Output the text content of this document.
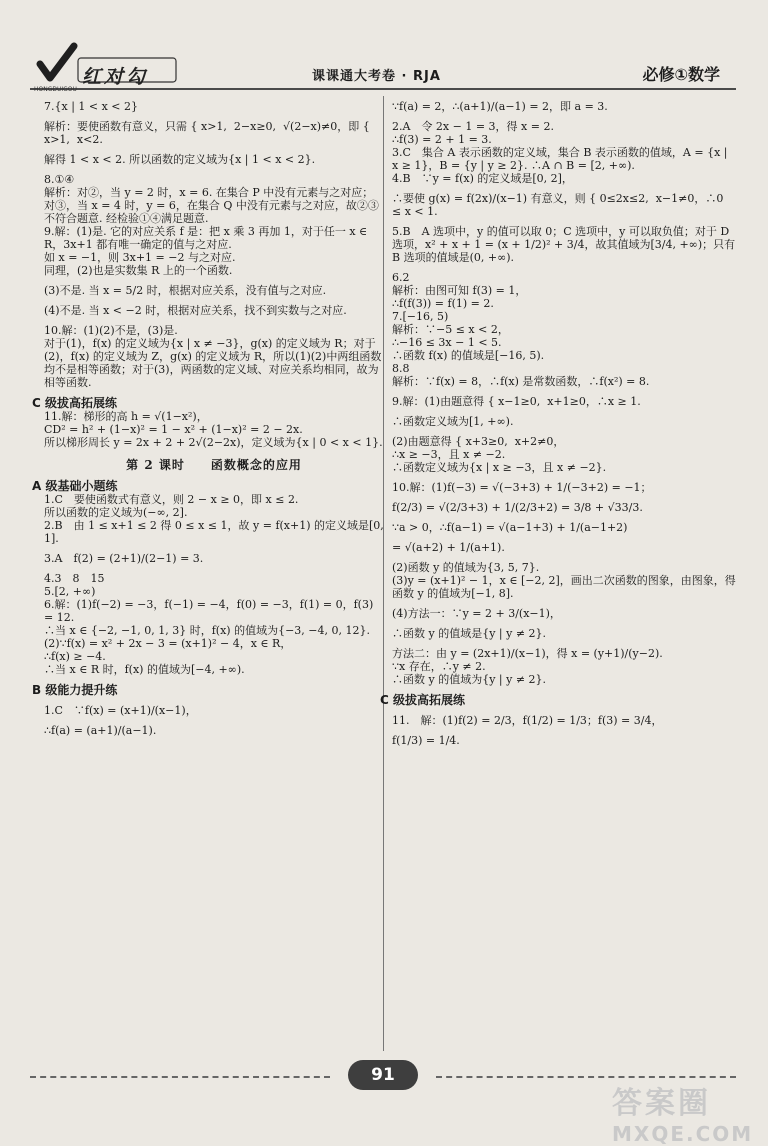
红对勾	课课通大考卷 · RJA	必修①数学
HONGDUIGOU

7.{x | 1 < x < 2}

解析：要使函数有意义，只需 { x>1,  2−x≥0,  √(2−x)≠0，即 { x>1,  x<2.

解得 1 < x < 2. 所以函数的定义域为{x | 1 < x < 2}.

8.①④

解析：对②，当 y = 2 时，x = 6. 在集合 P 中没有元素与之对应；对③，当 x = 4 时，y = 6，在集合 Q 中没有元素与之对应，故②③不符合题意. 经检验①④满足题意.

9.解：(1)是. 它的对应关系 f 是：把 x 乘 3 再加 1，对于任一 x ∈ R，3x+1 都有唯一确定的值与之对应.

如 x = −1，则 3x+1 = −2 与之对应.

同理，(2)也是实数集 R 上的一个函数.

(3)不是. 当 x = 5/2 时，根据对应关系，没有值与之对应.

(4)不是. 当 x < −2 时，根据对应关系，找不到实数与之对应.

10.解：(1)(2)不是，(3)是.

对于(1)，f(x) 的定义域为{x | x ≠ −3}，g(x) 的定义域为 R；对于(2)，f(x) 的定义域为 Z，g(x) 的定义域为 R，所以(1)(2)中两组函数均不是相等函数；对于(3)，两函数的定义域、对应关系均相同，故为相等函数.

C 级拔高拓展练

11.解：梯形的高 h = √(1−x²)，

CD² = h² + (1−x)² = 1 − x² + (1−x)² = 2 − 2x.

所以梯形周长 y = 2x + 2 + 2√(2−2x)，定义域为{x | 0 < x < 1}.

第 2 课时　　函数概念的应用

A 级基础小题练

1.C　要使函数式有意义，则 2 − x ≥ 0，即 x ≤ 2.

所以函数的定义域为(−∞, 2].

2.B　由 1 ≤ x+1 ≤ 2 得 0 ≤ x ≤ 1，故 y = f(x+1) 的定义域是[0, 1].

3.A　f(2) = (2+1)/(2−1) = 3.

4.3　8　15

5.[2, +∞)

6.解：(1)f(−2) = −3，f(−1) = −4，f(0) = −3，f(1) = 0，f(3) = 12.

∴当 x ∈ {−2, −1, 0, 1, 3} 时，f(x) 的值域为{−3, −4, 0, 12}.

(2)∵f(x) = x² + 2x − 3 = (x+1)² − 4，x ∈ R，

∴f(x) ≥ −4.

∴当 x ∈ R 时，f(x) 的值域为[−4, +∞).

B 级能力提升练

1.C　∵f(x) = (x+1)/(x−1)，

∴f(a) = (a+1)/(a−1).

∵f(a) = 2，∴(a+1)/(a−1) = 2，即 a = 3.

2.A　令 2x − 1 = 3，得 x = 2.

∴f(3) = 2 + 1 = 3.

3.C　集合 A 表示函数的定义域，集合 B 表示函数的值域，A = {x | x ≥ 1}，B = {y | y ≥ 2}. ∴A ∩ B = [2, +∞).

4.B　∵y = f(x) 的定义域是[0, 2]，

∴要使 g(x) = f(2x)/(x−1) 有意义，则 { 0≤2x≤2,  x−1≠0，∴0 ≤ x < 1.

5.B　A 选项中，y 的值可以取 0；C 选项中，y 可以取负值；对于 D 选项，x² + x + 1 = (x + 1/2)² + 3/4，故其值域为[3/4, +∞)；只有 B 选项的值域是(0, +∞).

6.2

解析：由图可知 f(3) = 1，

∴f(f(3)) = f(1) = 2.

7.[−16, 5)

解析：∵−5 ≤ x < 2，

∴−16 ≤ 3x − 1 < 5.

∴函数 f(x) 的值域是[−16, 5).

8.8

解析：∵f(x) = 8，∴f(x) 是常数函数，∴f(x²) = 8.

9.解：(1)由题意得 { x−1≥0,  x+1≥0，∴x ≥ 1.

∴函数定义域为[1, +∞).

(2)由题意得 { x+3≥0,  x+2≠0，

∴x ≥ −3，且 x ≠ −2.

∴函数定义域为{x | x ≥ −3，且 x ≠ −2}.

10.解：(1)f(−3) = √(−3+3) + 1/(−3+2) = −1；

f(2/3) = √(2/3+3) + 1/(2/3+2) = 3/8 + √33/3.

∵a > 0，∴f(a−1) = √(a−1+3) + 1/(a−1+2)

= √(a+2) + 1/(a+1).

(2)函数 y 的值域为{3, 5, 7}.

(3)y = (x+1)² − 1，x ∈ [−2, 2]，画出二次函数的图象，由图象，得函数 y 的值域为[−1, 8].

(4)方法一：∵y = 2 + 3/(x−1)，

∴函数 y 的值域是{y | y ≠ 2}.

方法二：由 y = (2x+1)/(x−1)，得 x = (y+1)/(y−2).

∵x 存在，∴y ≠ 2.

∴函数 y 的值域为{y | y ≠ 2}.

C 级拔高拓展练

11.　解：(1)f(2) = 2/3，f(1/2) = 1/3；f(3) = 3/4，

f(1/3) = 1/4.

91
答案圈
MXQE.COM
